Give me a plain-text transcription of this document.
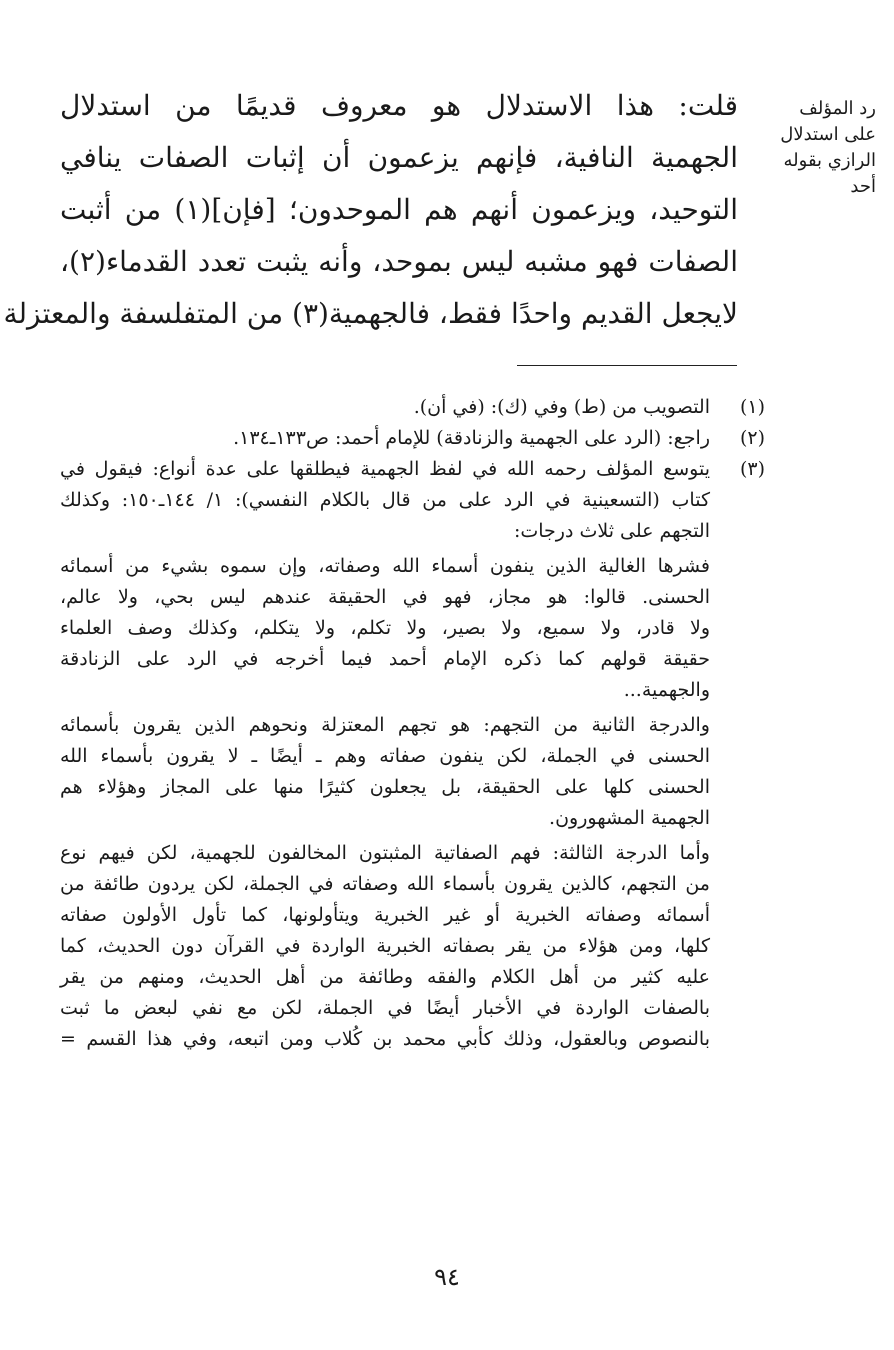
رد المؤلف
على استدلال
الرازي بقوله
أحد
قلت: هذا الاستدلال هو معروف قديمًا من استدلال
الجهمية النافية، فإنهم يزعمون أن إثبات الصفات ينافي
التوحيد، ويزعمون أنهم هم الموحدون؛ [فإن](١) من أثبت
الصفات فهو مشبه ليس بموحد، وأنه يثبت تعدد القدماء(٢)،
لايجعل القديم واحدًا فقط، فالجهمية(٣) من المتفلسفة والمعتزلة
(١)
التصويب من (ط) وفي (ك): (في أن).
(٢)
راجع: (الرد على الجهمية والزنادقة) للإمام أحمد: ص١٣٣ـ١٣٤.
(٣)
يتوسع المؤلف رحمه الله في لفظ الجهمية فيطلقها على عدة أنواع: فيقول في
كتاب (التسعينية في الرد على من قال بالكلام النفسي): ١/ ١٤٤ـ١٥٠: وكذلك
التجهم على ثلاث درجات:
فشرها الغالية الذين ينفون أسماء الله وصفاته، وإن سموه بشيء من أسمائه
الحسنى. قالوا: هو مجاز، فهو في الحقيقة عندهم ليس بحي، ولا عالم،
ولا قادر، ولا سميع، ولا بصير، ولا تكلم، ولا يتكلم، وكذلك وصف العلماء
حقيقة قولهم كما ذكره الإمام أحمد فيما أخرجه في الرد على الزنادقة
والجهمية...
والدرجة الثانية من التجهم: هو تجهم المعتزلة ونحوهم الذين يقرون بأسمائه
الحسنى في الجملة، لكن ينفون صفاته وهم ـ أيضًا ـ لا يقرون بأسماء الله
الحسنى كلها على الحقيقة، بل يجعلون كثيرًا منها على المجاز وهؤلاء هم
الجهمية المشهورون.
وأما الدرجة الثالثة: فهم الصفاتية المثبتون المخالفون للجهمية، لكن فيهم نوع
من التجهم، كالذين يقرون بأسماء الله وصفاته في الجملة، لكن يردون طائفة من
أسمائه وصفاته الخبرية أو غير الخبرية ويتأولونها، كما تأول الأولون صفاته
كلها، ومن هؤلاء من يقر بصفاته الخبرية الواردة في القرآن دون الحديث، كما
عليه كثير من أهل الكلام والفقه وطائفة من أهل الحديث، ومنهم من يقر
بالصفات الواردة في الأخبار أيضًا في الجملة، لكن مع نفي لبعض ما ثبت
بالنصوص وبالعقول، وذلك كأبي محمد بن كُلاب ومن اتبعه، وفي هذا القسم =
٩٤
